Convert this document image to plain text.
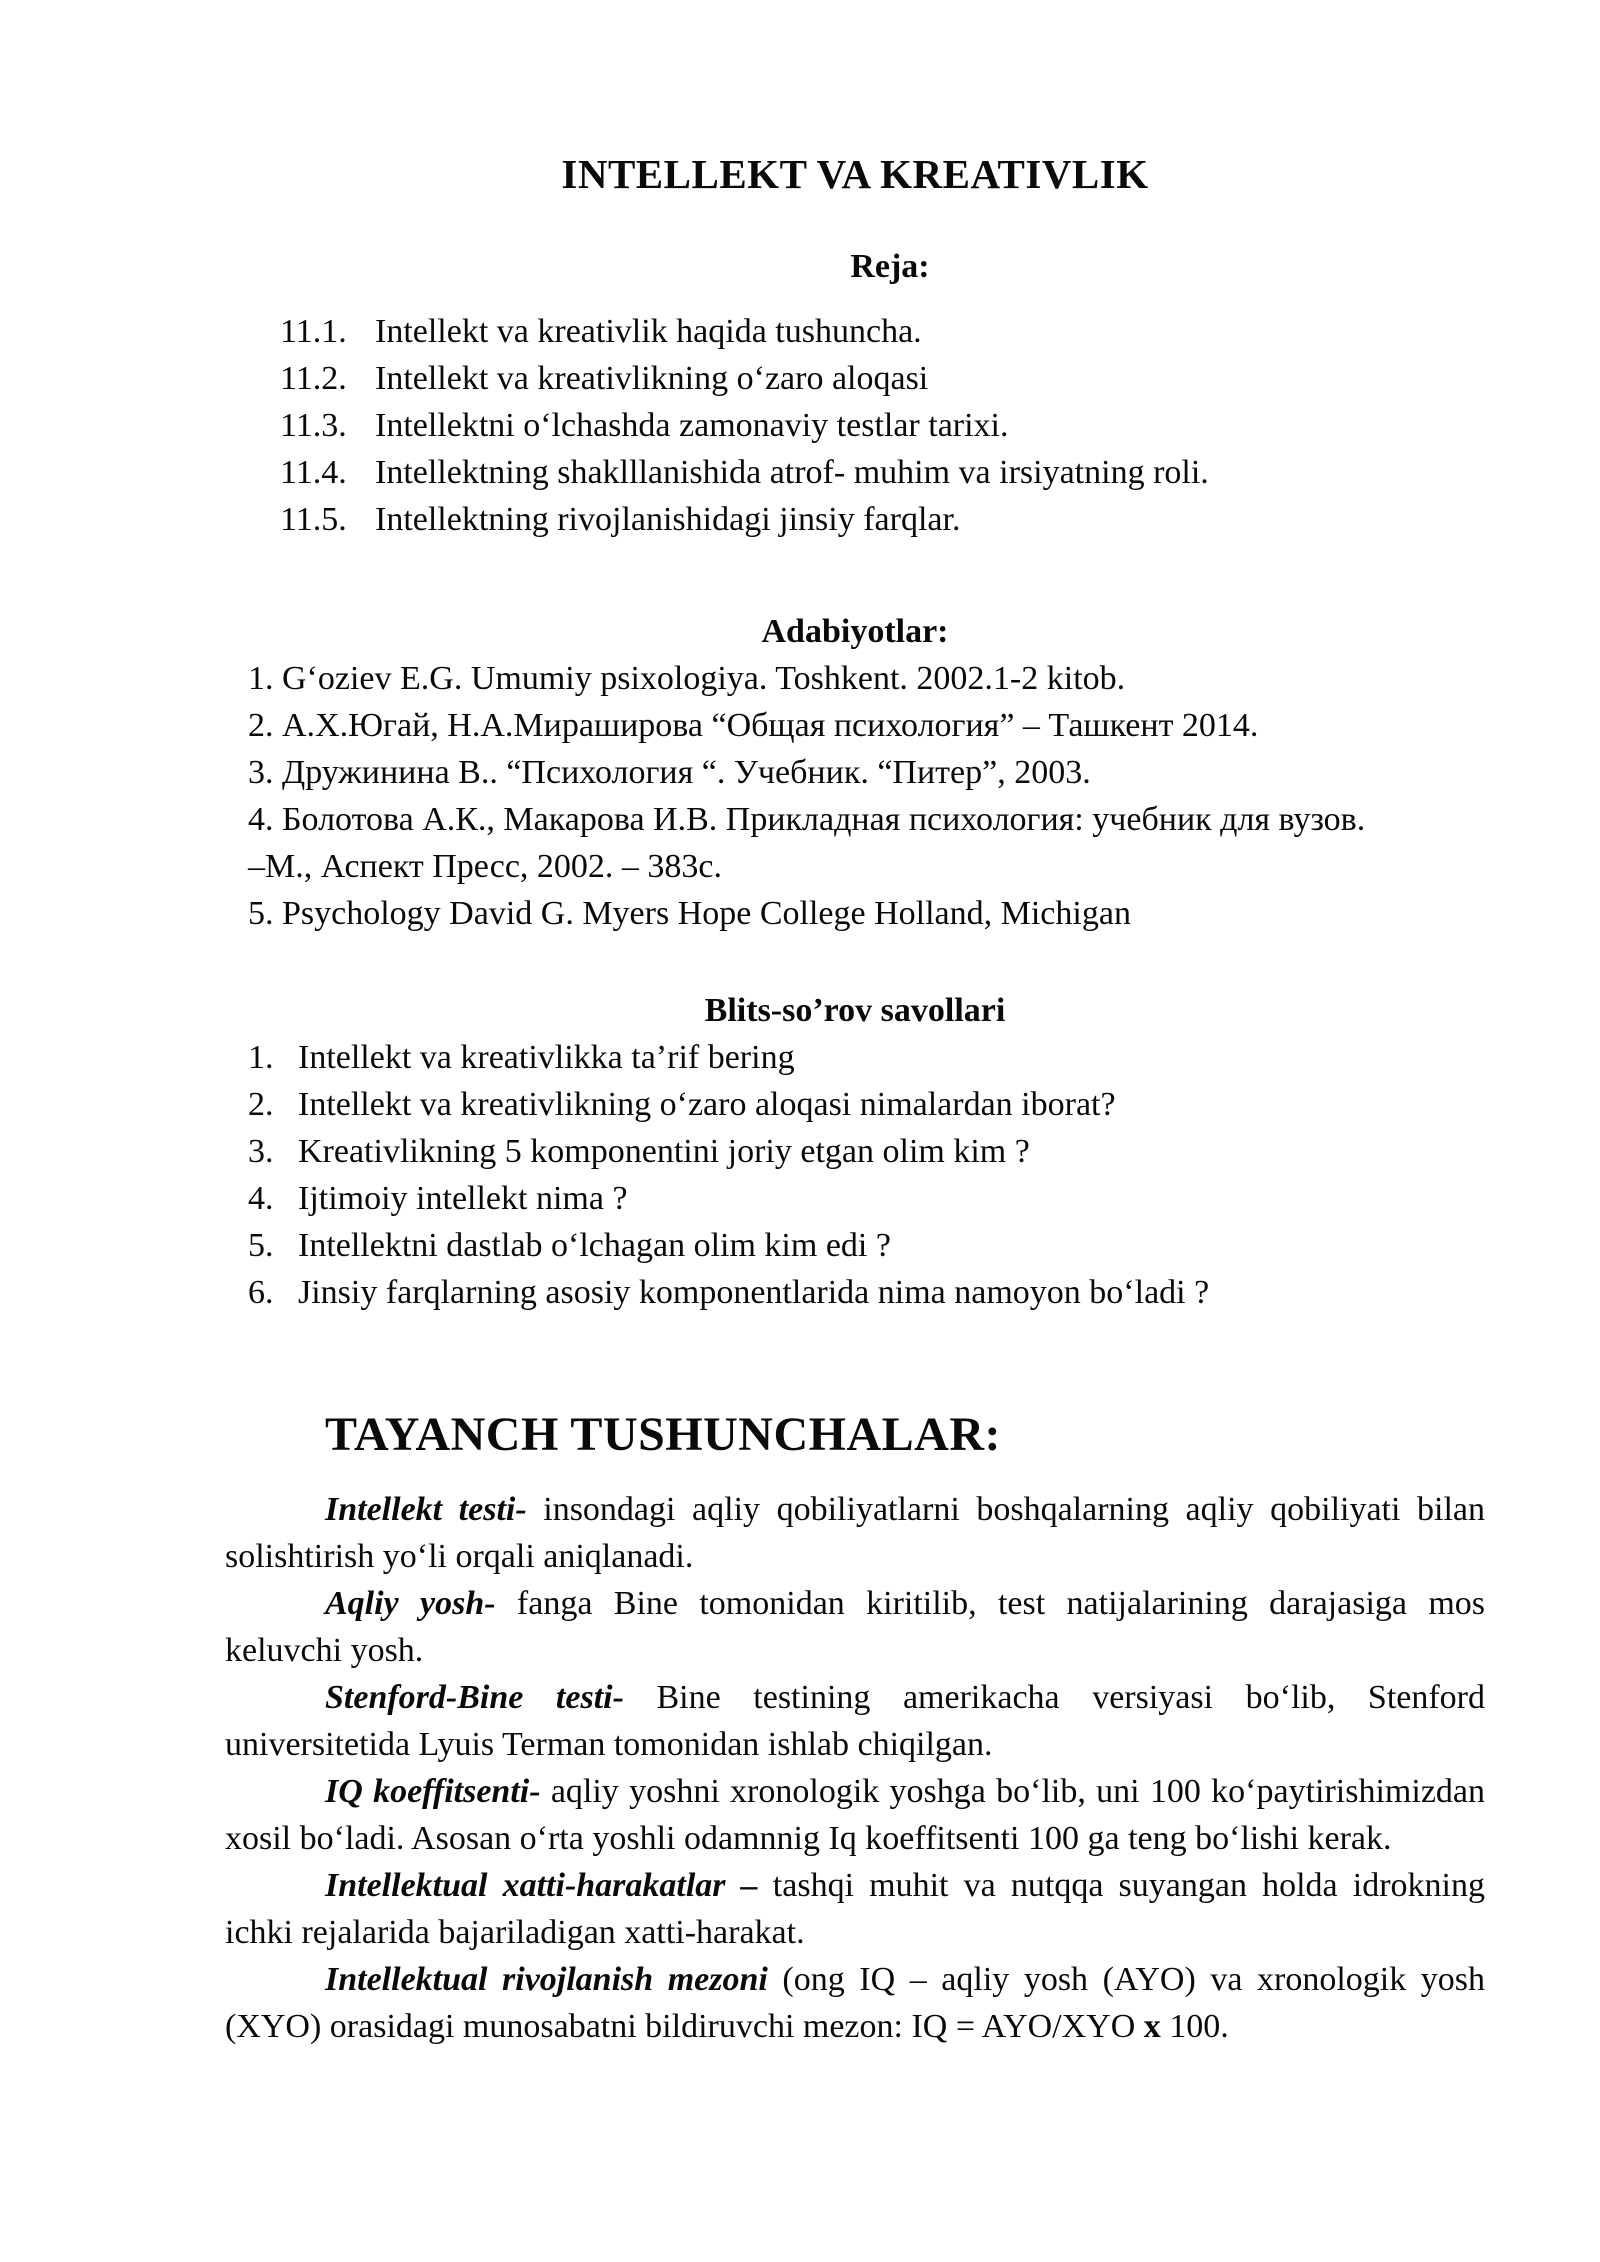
INTELLEKT VA KREATIVLIK
Reja:
11.1. Intellekt va kreativlik haqida tushuncha.
11.2. Intellekt va kreativlikning oʻzaro aloqasi
11.3. Intellektni oʻlchashda zamonaviy testlar tarixi.
11.4. Intellektning shaklllanishida atrof- muhim va irsiyatning roli.
11.5. Intellektning rivojlanishidagi jinsiy farqlar.
Adabiyotlar:
1. Gʻoziev E.G. Umumiy psixologiya. Toshkent. 2002.1-2 kitob.
2. А.Х.Югай, Н.А.Мираширова “Общая психология” – Ташкент 2014.
3. Дружинина В.. “Психология “. Учебник. “Питер”, 2003.
4. Болотова А.К., Макарова И.В. Прикладная психология: учебник для вузов.
–М., Аспект Пресс, 2002. – 383с.
5. Psychology David G. Myers Hope College Holland, Michigan
Blits-so’rov savollari
1. Intellekt va kreativlikka ta’rif bering
2. Intellekt va kreativlikning oʻzaro aloqasi nimalardan iborat?
3. Kreativlikning 5 komponentini joriy etgan olim kim ?
4. Ijtimoiy intellekt nima ?
5. Intellektni dastlab oʻlchagan olim kim edi ?
6. Jinsiy farqlarning asosiy komponentlarida nima namoyon boʻladi ?
TAYANCH TUSHUNCHALAR:

Intellekt testi- insondagi aqliy qobiliyatlarni boshqalarning aqliy qobiliyati bilan solishtirish yoʻli orqali aniqlanadi.

Aqliy yosh- fanga Bine tomonidan kiritilib, test natijalarining darajasiga mos keluvchi yosh.

Stenford-Bine testi- Bine testining amerikacha versiyasi boʻlib, Stenford universitetida Lyuis Terman tomonidan ishlab chiqilgan.

IQ koeffitsenti- aqliy yoshni xronologik yoshga boʻlib, uni 100 koʻpaytirishimizdan xosil boʻladi. Asosan oʻrta yoshli odamnnig Iq koeffitsenti 100 ga teng boʻlishi kerak.

Intellektual xatti-harakatlar – tashqi muhit va nutqqa suyangan holda idrokning ichki rejalarida bajariladigan xatti-harakat.

Intellektual rivojlanish mezoni (ong IQ – aqliy yosh (AYO) va xronologik yosh (XYO) orasidagi munosabatni bildiruvchi mezon: IQ = AYO/XYO x 100.
